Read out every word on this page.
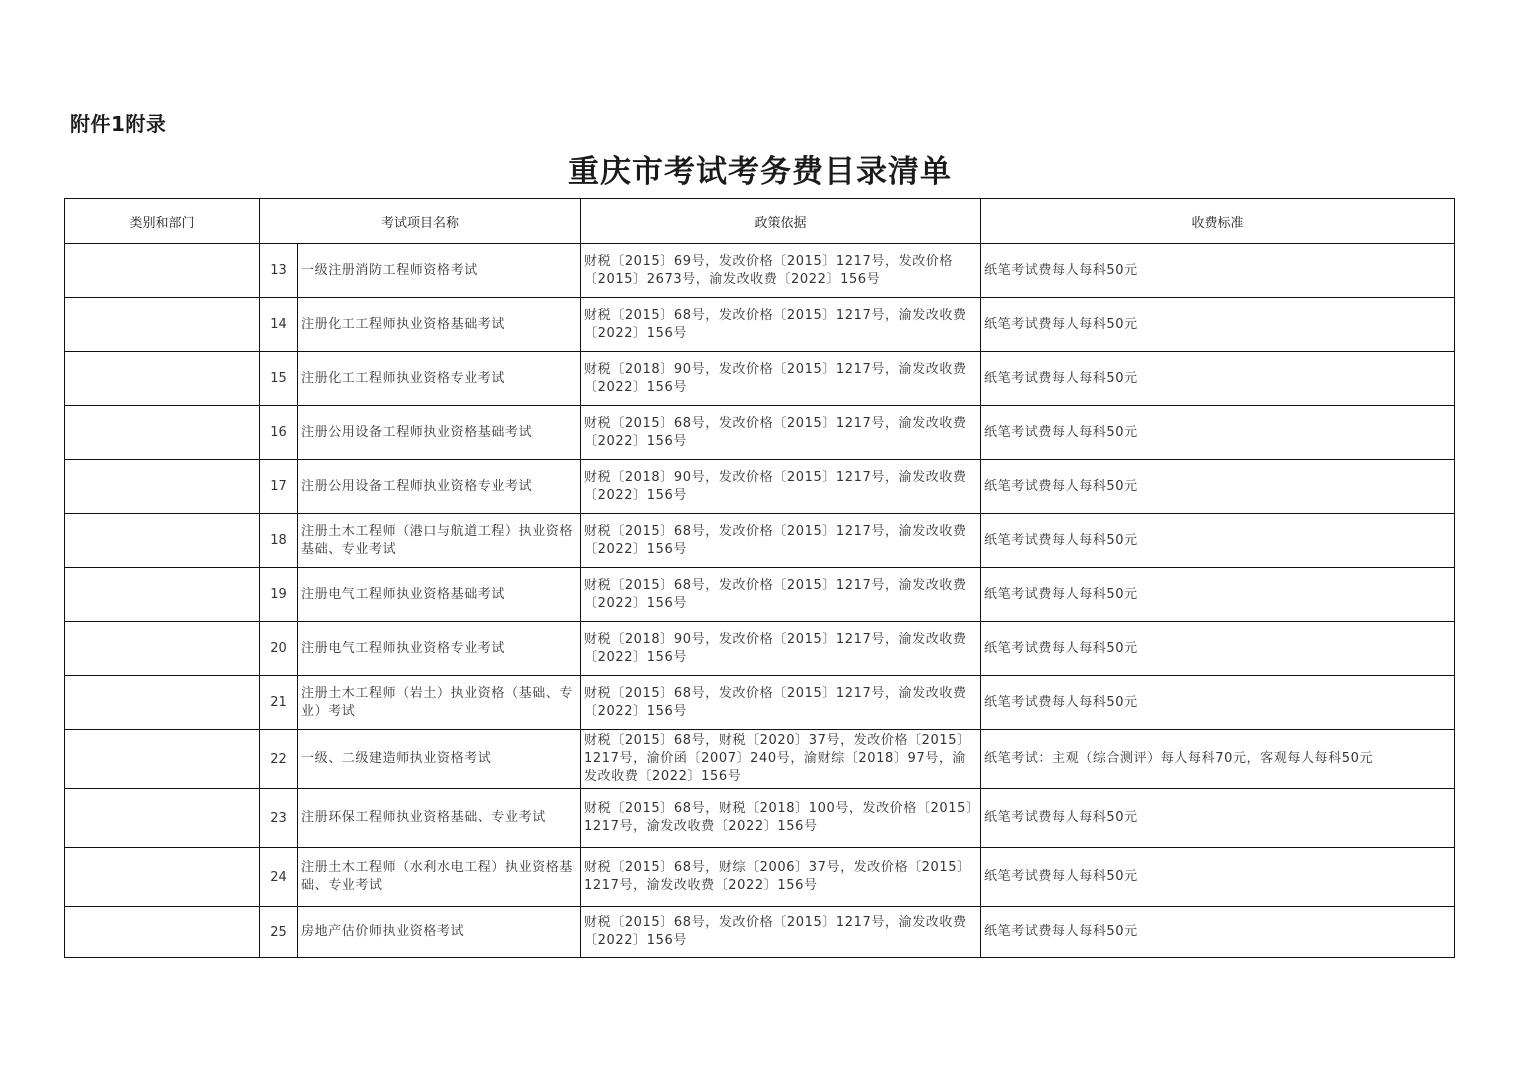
附件1附录
重庆市考试考务费目录清单
类别和部门	考试项目名称		政策依据	收费标准
	13	一级注册消防工程师资格考试	财税〔2015〕69号，发改价格〔2015〕1217号，发改价格〔2015〕2673号，渝发改收费〔2022〕156号	纸笔考试费每人每科50元
	14	注册化工工程师执业资格基础考试	财税〔2015〕68号，发改价格〔2015〕1217号，渝发改收费〔2022〕156号	纸笔考试费每人每科50元
	15	注册化工工程师执业资格专业考试	财税〔2018〕90号，发改价格〔2015〕1217号，渝发改收费〔2022〕156号	纸笔考试费每人每科50元
	16	注册公用设备工程师执业资格基础考试	财税〔2015〕68号，发改价格〔2015〕1217号，渝发改收费〔2022〕156号	纸笔考试费每人每科50元
	17	注册公用设备工程师执业资格专业考试	财税〔2018〕90号，发改价格〔2015〕1217号，渝发改收费〔2022〕156号	纸笔考试费每人每科50元
	18	注册土木工程师（港口与航道工程）执业资格基础、专业考试	财税〔2015〕68号，发改价格〔2015〕1217号，渝发改收费〔2022〕156号	纸笔考试费每人每科50元
	19	注册电气工程师执业资格基础考试	财税〔2015〕68号，发改价格〔2015〕1217号，渝发改收费〔2022〕156号	纸笔考试费每人每科50元
	20	注册电气工程师执业资格专业考试	财税〔2018〕90号，发改价格〔2015〕1217号，渝发改收费〔2022〕156号	纸笔考试费每人每科50元
	21	注册土木工程师（岩土）执业资格（基础、专业）考试	财税〔2015〕68号，发改价格〔2015〕1217号，渝发改收费〔2022〕156号	纸笔考试费每人每科50元
	22	一级、二级建造师执业资格考试	财税〔2015〕68号，财税〔2020〕37号，发改价格〔2015〕1217号，渝价函〔2007〕240号，渝财综〔2018〕97号，渝发改收费〔2022〕156号	纸笔考试：主观（综合测评）每人每科70元，客观每人每科50元
	23	注册环保工程师执业资格基础、专业考试	财税〔2015〕68号，财税〔2018〕100号，发改价格〔2015〕1217号，渝发改收费〔2022〕156号	纸笔考试费每人每科50元
	24	注册土木工程师（水利水电工程）执业资格基础、专业考试	财税〔2015〕68号，财综〔2006〕37号，发改价格〔2015〕1217号，渝发改收费〔2022〕156号	纸笔考试费每人每科50元
	25	房地产估价师执业资格考试	财税〔2015〕68号，发改价格〔2015〕1217号，渝发改收费〔2022〕156号	纸笔考试费每人每科50元
